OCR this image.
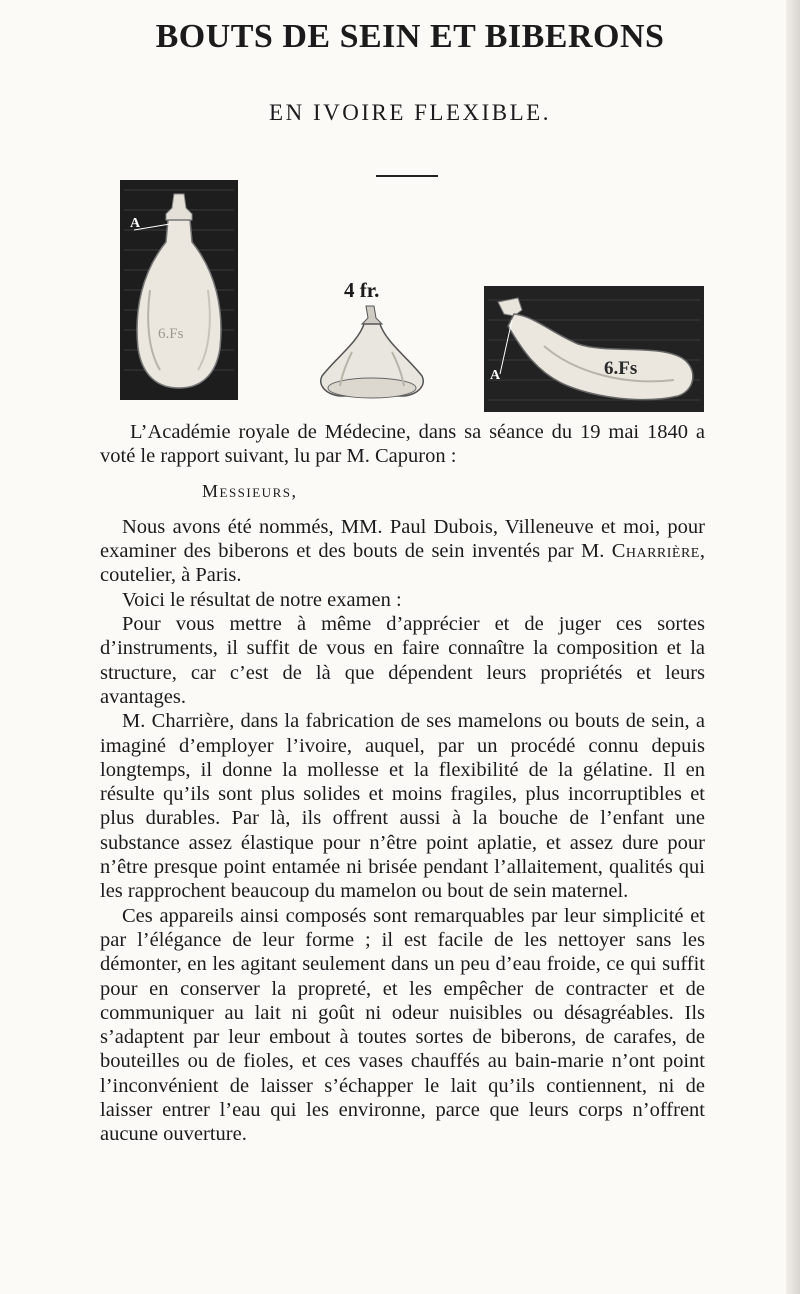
BOUTS DE SEIN ET BIBERONS
EN IVOIRE FLEXIBLE.
6.Fs
A
4 fr.
6.Fs
A

L’Académie royale de Médecine, dans sa séance du 19 mai 1840 a voté le rapport suivant, lu par M. Capuron :

Messieurs,

Nous avons été nommés, MM. Paul Dubois, Villeneuve et moi, pour examiner des biberons et des bouts de sein inventés par M. Charrière, coutelier, à Paris.

Voici le résultat de notre examen :

Pour vous mettre à même d’apprécier et de juger ces sortes d’instruments, il suffit de vous en faire connaître la composition et la structure, car c’est de là que dépendent leurs propriétés et leurs avantages.

M. Charrière, dans la fabrication de ses mamelons ou bouts de sein, a imaginé d’employer l’ivoire, auquel, par un procédé connu depuis longtemps, il donne la mollesse et la flexibilité de la gélatine. Il en résulte qu’ils sont plus solides et moins fragiles, plus incorruptibles et plus durables. Par là, ils offrent aussi à la bouche de l’enfant une substance assez élastique pour n’être point aplatie, et assez dure pour n’être presque point entamée ni brisée pendant l’allaitement, qualités qui les rapprochent beaucoup du mamelon ou bout de sein maternel.

Ces appareils ainsi composés sont remarquables par leur simplicité et par l’élégance de leur forme ; il est facile de les nettoyer sans les démonter, en les agitant seulement dans un peu d’eau froide, ce qui suffit pour en conserver la propreté, et les empêcher de contracter et de communiquer au lait ni goût ni odeur nuisibles ou désagréables. Ils s’adaptent par leur embout à toutes sortes de biberons, de carafes, de bouteilles ou de fioles, et ces vases chauffés au bain-marie n’ont point l’inconvénient de laisser s’échapper le lait qu’ils contiennent, ni de laisser entrer l’eau qui les environne, parce que leurs corps n’offrent aucune ouverture.
